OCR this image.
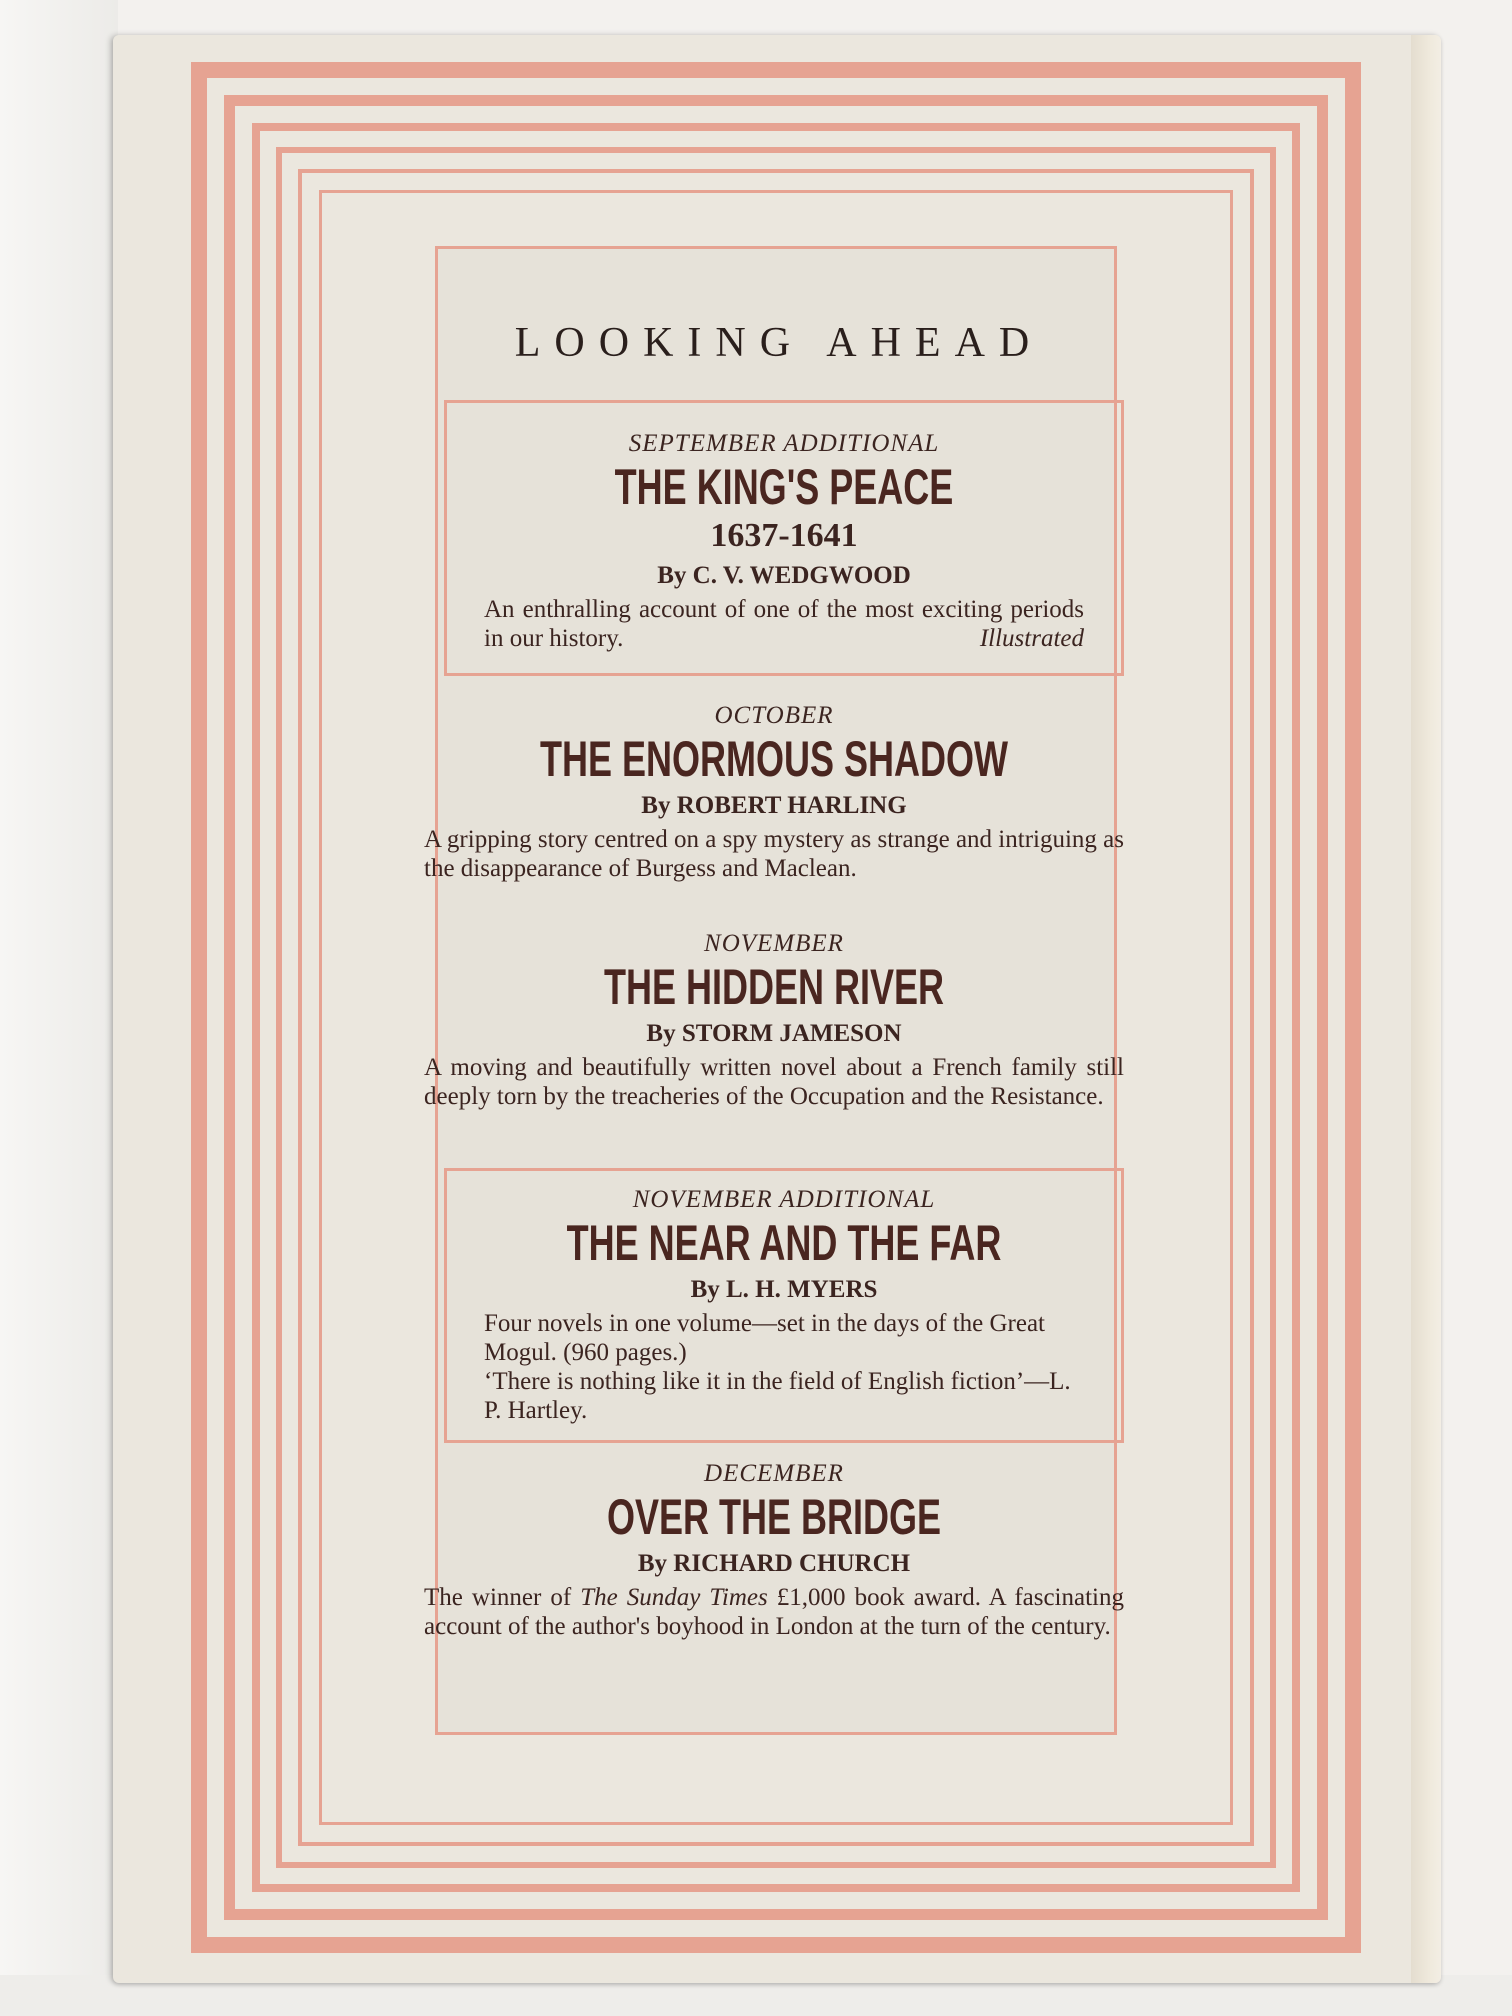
LOOKING AHEAD
SEPTEMBER ADDITIONAL
THE KING'S PEACE
1637-1641
By C. V. WEDGWOOD
An enthralling account of one of the most exciting periods in our history.	Illustrated
OCTOBER
THE ENORMOUS SHADOW
By ROBERT HARLING
A gripping story centred on a spy mystery as strange and intriguing as the disappearance of Burgess and Maclean.
NOVEMBER
THE HIDDEN RIVER
By STORM JAMESON
A moving and beautifully written novel about a French family still deeply torn by the treacheries of the Occupation and the Resistance.
NOVEMBER ADDITIONAL
THE NEAR AND THE FAR
By L. H. MYERS
Four novels in one volume—set in the days of the Great Mogul. (960 pages.)
‘There is nothing like it in the field of English fiction’—L. P. Hartley.
DECEMBER
OVER THE BRIDGE
By RICHARD CHURCH
The winner of The Sunday Times £1,000 book award. A fascinating account of the author's boyhood in London at the turn of the century.
